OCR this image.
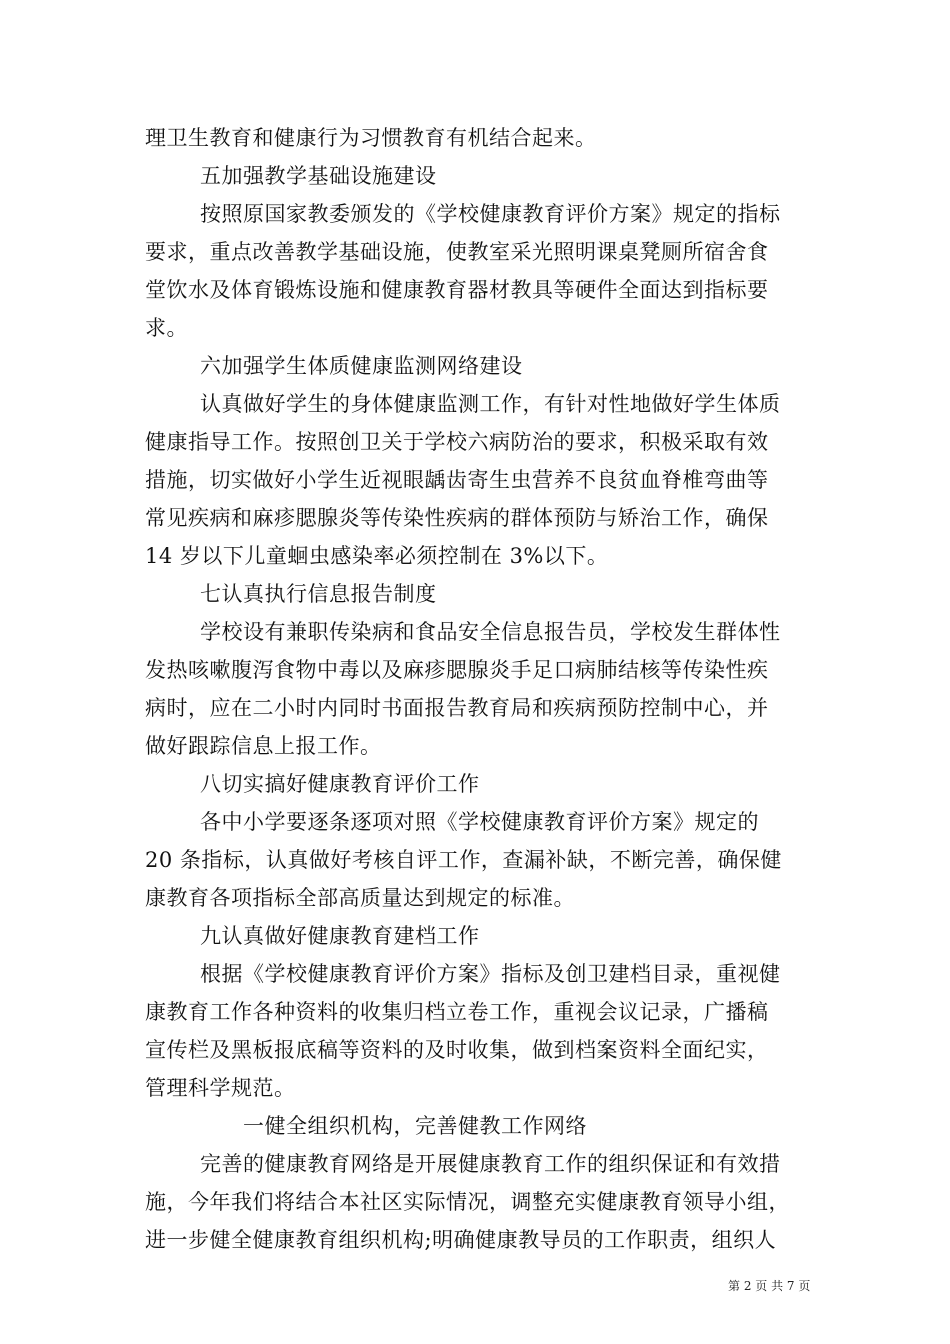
理卫生教育和健康行为习惯教育有机结合起来。
五加强教学基础设施建设
按照原国家教委颁发的《学校健康教育评价方案》规定的指标
要求，重点改善教学基础设施，使教室采光照明课桌凳厕所宿舍食
堂饮水及体育锻炼设施和健康教育器材教具等硬件全面达到指标要
求。
六加强学生体质健康监测网络建设
认真做好学生的身体健康监测工作，有针对性地做好学生体质
健康指导工作。按照创卫关于学校六病防治的要求，积极采取有效
措施，切实做好小学生近视眼龋齿寄生虫营养不良贫血脊椎弯曲等
常见疾病和麻疹腮腺炎等传染性疾病的群体预防与矫治工作，确保
14 岁以下儿童蛔虫感染率必须控制在 3%以下。
七认真执行信息报告制度
学校设有兼职传染病和食品安全信息报告员，学校发生群体性
发热咳嗽腹泻食物中毒以及麻疹腮腺炎手足口病肺结核等传染性疾
病时，应在二小时内同时书面报告教育局和疾病预防控制中心，并
做好跟踪信息上报工作。
八切实搞好健康教育评价工作
各中小学要逐条逐项对照《学校健康教育评价方案》规定的
20 条指标，认真做好考核自评工作，查漏补缺，不断完善，确保健
康教育各项指标全部高质量达到规定的标准。
九认真做好健康教育建档工作
根据《学校健康教育评价方案》指标及创卫建档目录，重视健
康教育工作各种资料的收集归档立卷工作，重视会议记录，广播稿
宣传栏及黑板报底稿等资料的及时收集，做到档案资料全面纪实，
管理科学规范。
一健全组织机构，完善健教工作网络
完善的健康教育网络是开展健康教育工作的组织保证和有效措
施，今年我们将结合本社区实际情况，调整充实健康教育领导小组，
进一步健全健康教育组织机构;明确健康教导员的工作职责，组织人
第 2 页 共 7 页
